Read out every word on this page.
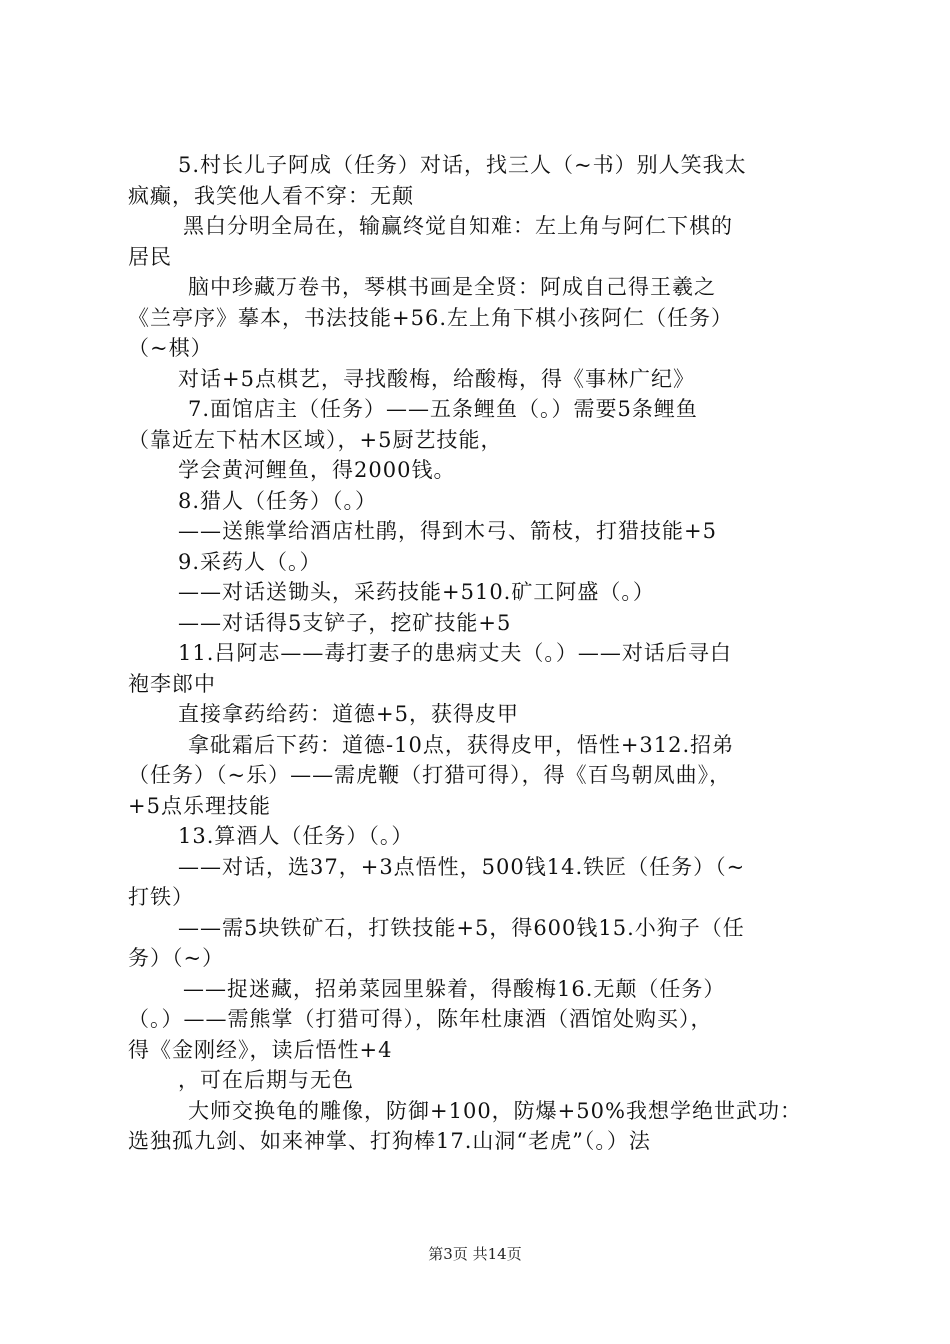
5.村长儿子阿成（任务）对话，找三人（~书）别人笑我太
疯癫，我笑他人看不穿：无颠
黑白分明全局在，输赢终觉自知难：左上角与阿仁下棋的
居民
脑中珍藏万卷书，琴棋书画是全贤：阿成自己得王羲之
《兰亭序》摹本，书法技能+56.左上角下棋小孩阿仁（任务）
（~棋）
对话+5点棋艺，寻找酸梅，给酸梅，得《事林广纪》
7.面馆店主（任务）——五条鲤鱼（。）需要5条鲤鱼
（靠近左下枯木区域），+5厨艺技能，
学会黄河鲤鱼，得2000钱。
8.猎人（任务）（。）
——送熊掌给酒店杜鹃，得到木弓、箭枝，打猎技能+5
9.采药人（。）
——对话送锄头，采药技能+510.矿工阿盛（。）
——对话得5支铲子，挖矿技能+5
11.吕阿志——毒打妻子的患病丈夫（。）——对话后寻白
袍李郎中
直接拿药给药：道德+5，获得皮甲
拿砒霜后下药：道德-10点，获得皮甲，悟性+312.招弟
（任务）（~乐）——需虎鞭（打猎可得），得《百鸟朝凤曲》，
+5点乐理技能
13.算酒人（任务）（。）
——对话，选37，+3点悟性，500钱14.铁匠（任务）（~
打铁）
——需5块铁矿石，打铁技能+5，得600钱15.小狗子（任
务）（~）
——捉迷藏，招弟菜园里躲着，得酸梅16.无颠（任务）
（。）——需熊掌（打猎可得），陈年杜康酒（酒馆处购买），
得《金刚经》，读后悟性+4
，可在后期与无色
大师交换龟的雕像，防御+100，防爆+50%我想学绝世武功：
选独孤九剑、如来神掌、打狗棒17.山洞“老虎”（。）法
第3页 共14页
